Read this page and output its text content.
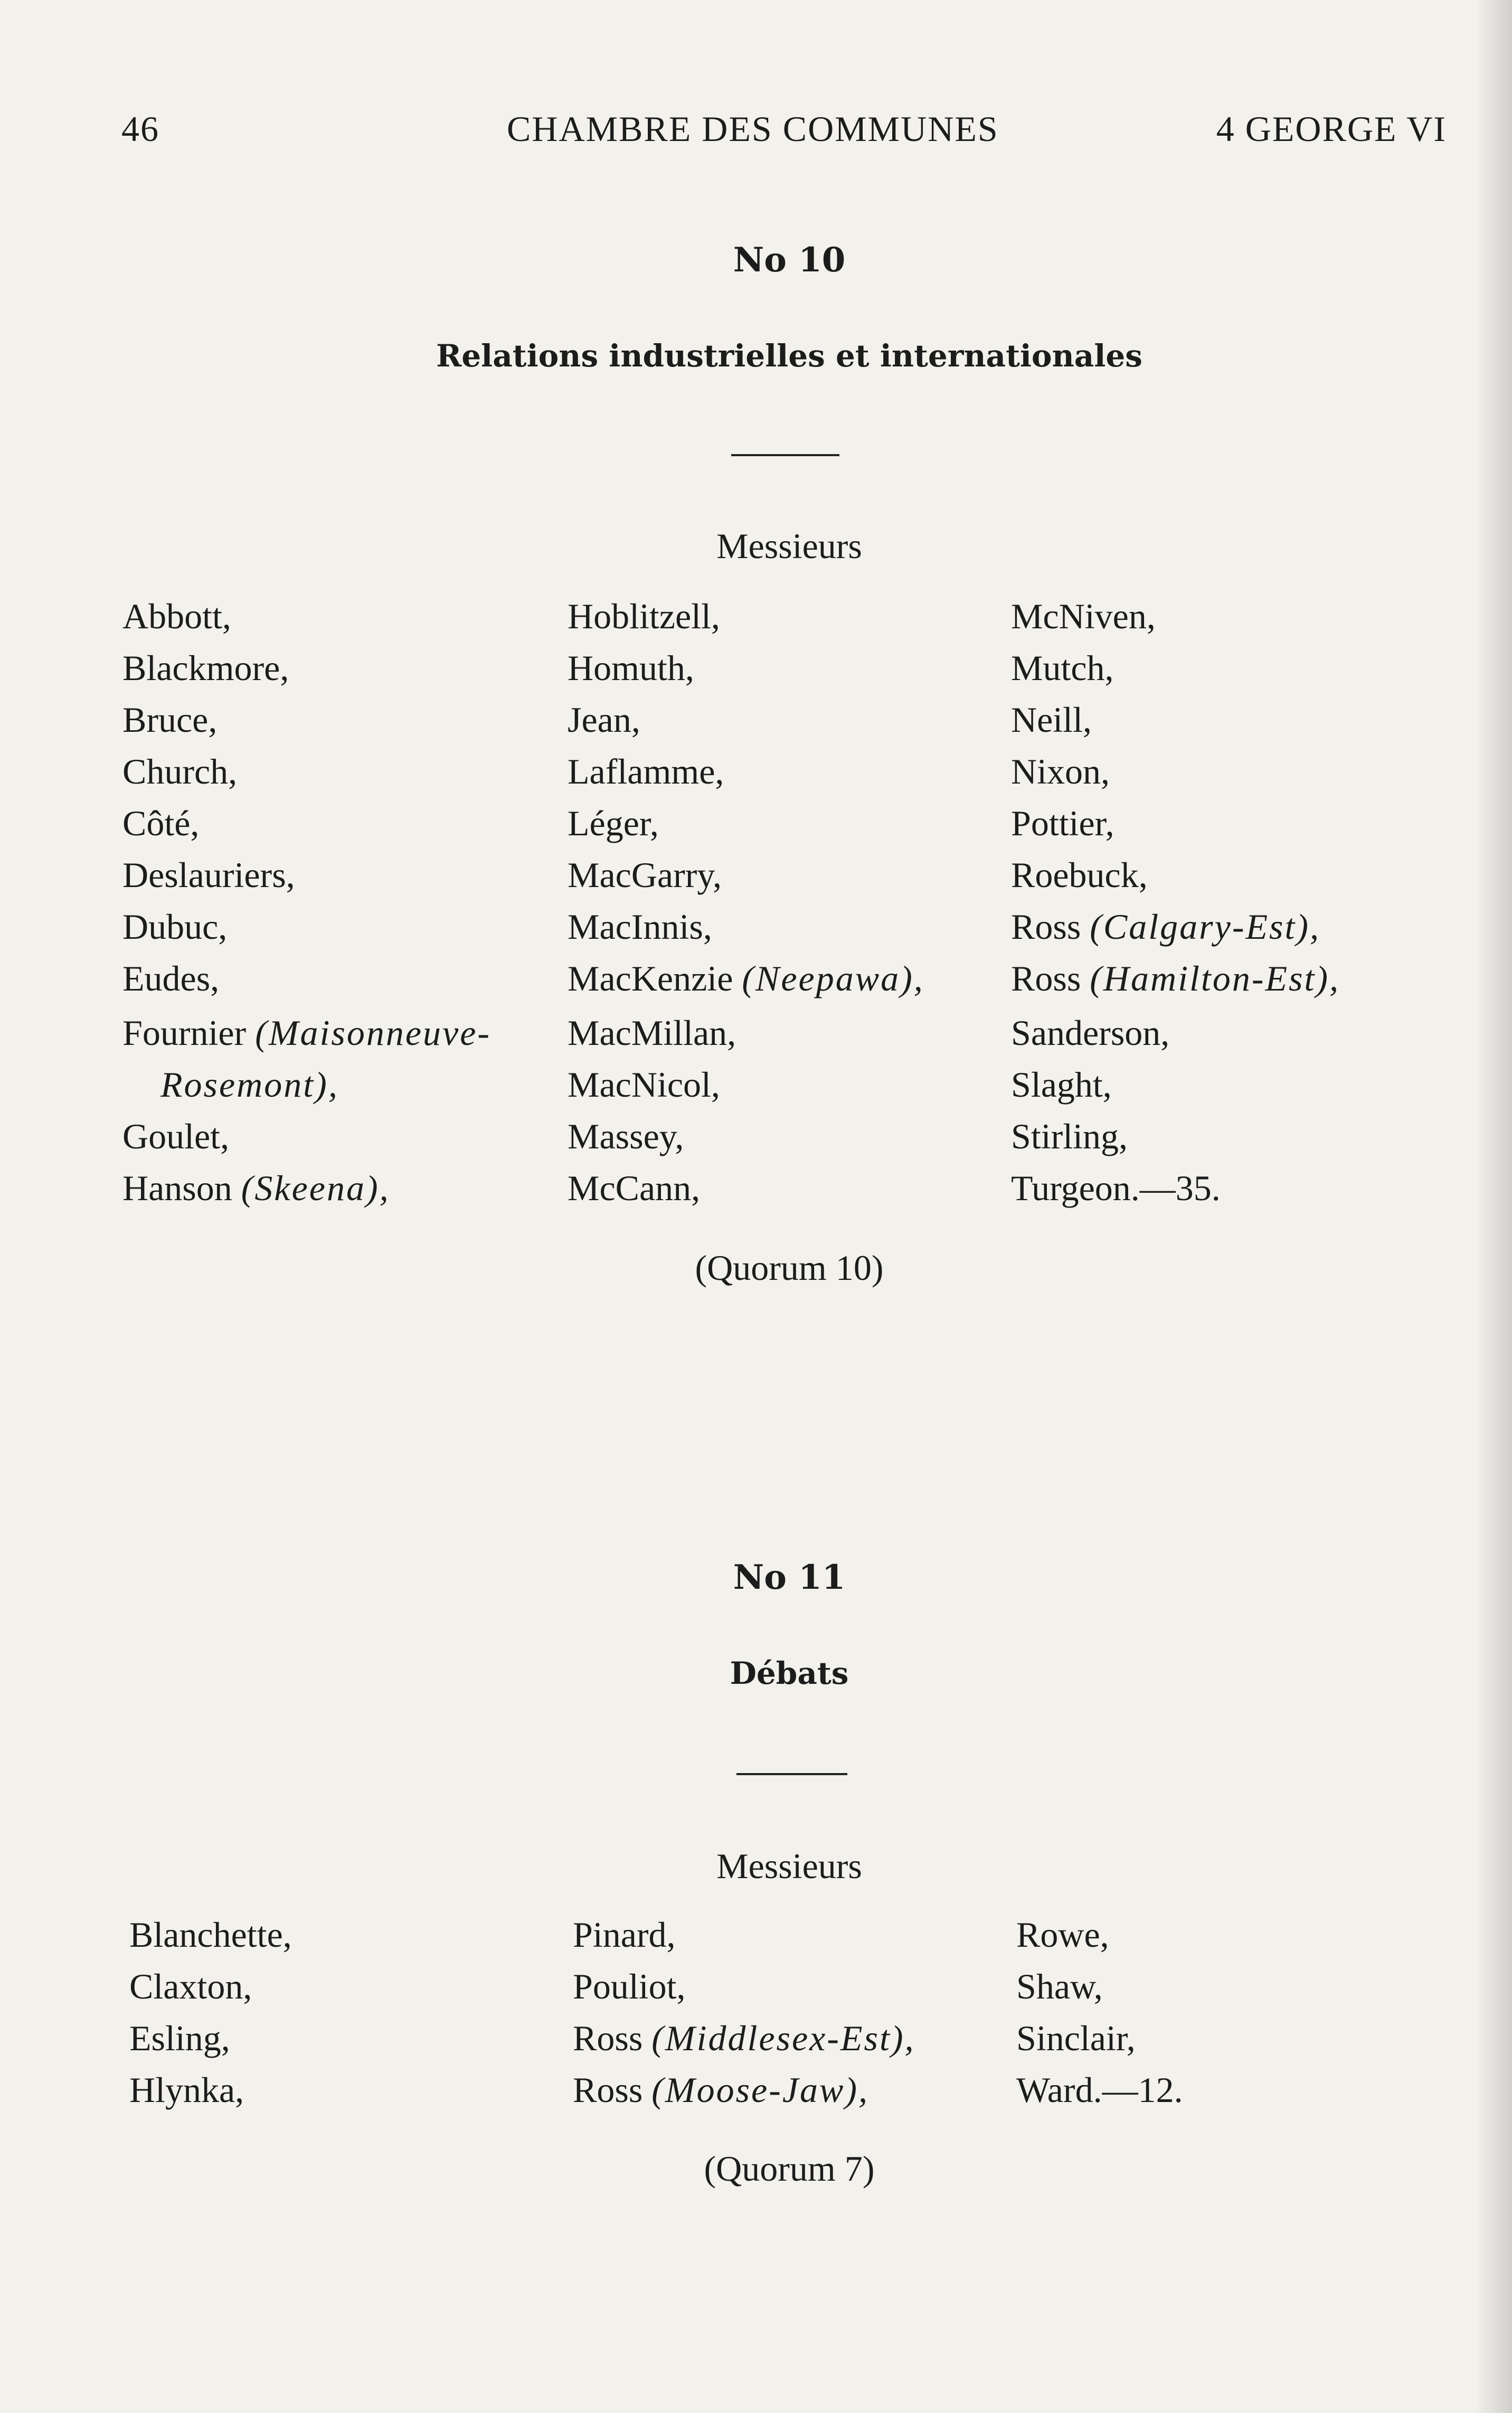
46	CHAMBRE DES COMMUNES	4 GEORGE VI
No 10
Relations industrielles et internationales
Messieurs
Abbott,
Blackmore,
Bruce,
Church,
Côté,
Deslauriers,
Dubuc,
Eudes,
Fournier (Maisonneuve-
Rosemont),
Goulet,
Hanson (Skeena),
Hoblitzell,
Homuth,
Jean,
Laflamme,
Léger,
MacGarry,
MacInnis,
MacKenzie (Neepawa),
MacMillan,
MacNicol,
Massey,
McCann,
McNiven,
Mutch,
Neill,
Nixon,
Pottier,
Roebuck,
Ross (Calgary-Est),
Ross (Hamilton-Est),
Sanderson,
Slaght,
Stirling,
Turgeon.—35.
(Quorum 10)
No 11
Débats
Messieurs
Blanchette,
Claxton,
Esling,
Hlynka,
Pinard,
Pouliot,
Ross (Middlesex-Est),
Ross (Moose-Jaw),
Rowe,
Shaw,
Sinclair,
Ward.—12.
(Quorum 7)
